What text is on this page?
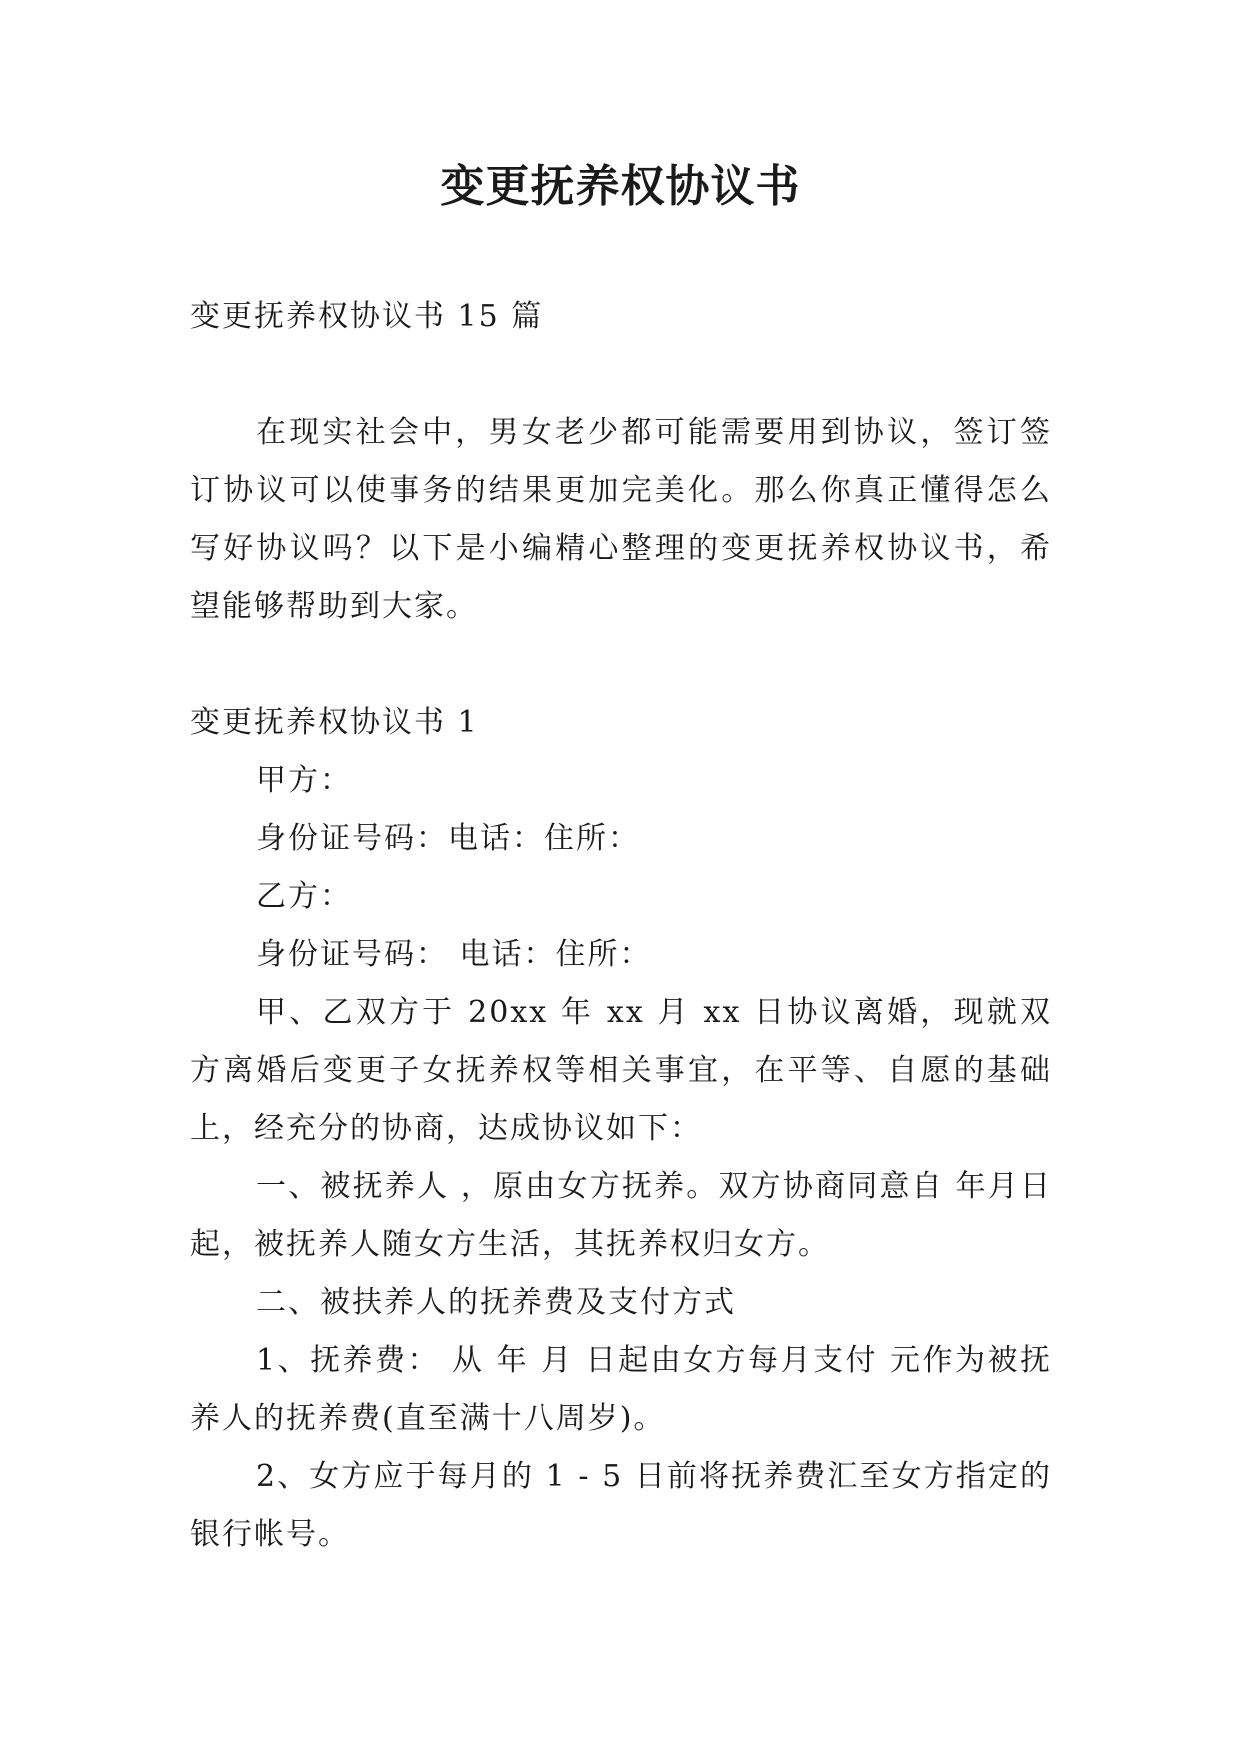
变更抚养权协议书

变更抚养权协议书 15 篇

在现实社会中，男女老少都可能需要用到协议，签订签订协议可以使事务的结果更加完美化。那么你真正懂得怎么写好协议吗？以下是小编精心整理的变更抚养权协议书，希望能够帮助到大家。

变更抚养权协议书 1

甲方：

身份证号码：电话：住所：

乙方：

身份证号码： 电话：住所：

甲、乙双方于 20xx 年 xx 月 xx 日协议离婚，现就双方离婚后变更子女抚养权等相关事宜，在平等、自愿的基础上，经充分的协商，达成协议如下：

一、被抚养人 ，原由女方抚养。双方协商同意自 年月日起，被抚养人随女方生活，其抚养权归女方。

二、被扶养人的抚养费及支付方式

1、抚养费： 从 年 月 日起由女方每月支付 元作为被抚养人的抚养费(直至满十八周岁)。

2、女方应于每月的 1 - 5 日前将抚养费汇至女方指定的银行帐号。
